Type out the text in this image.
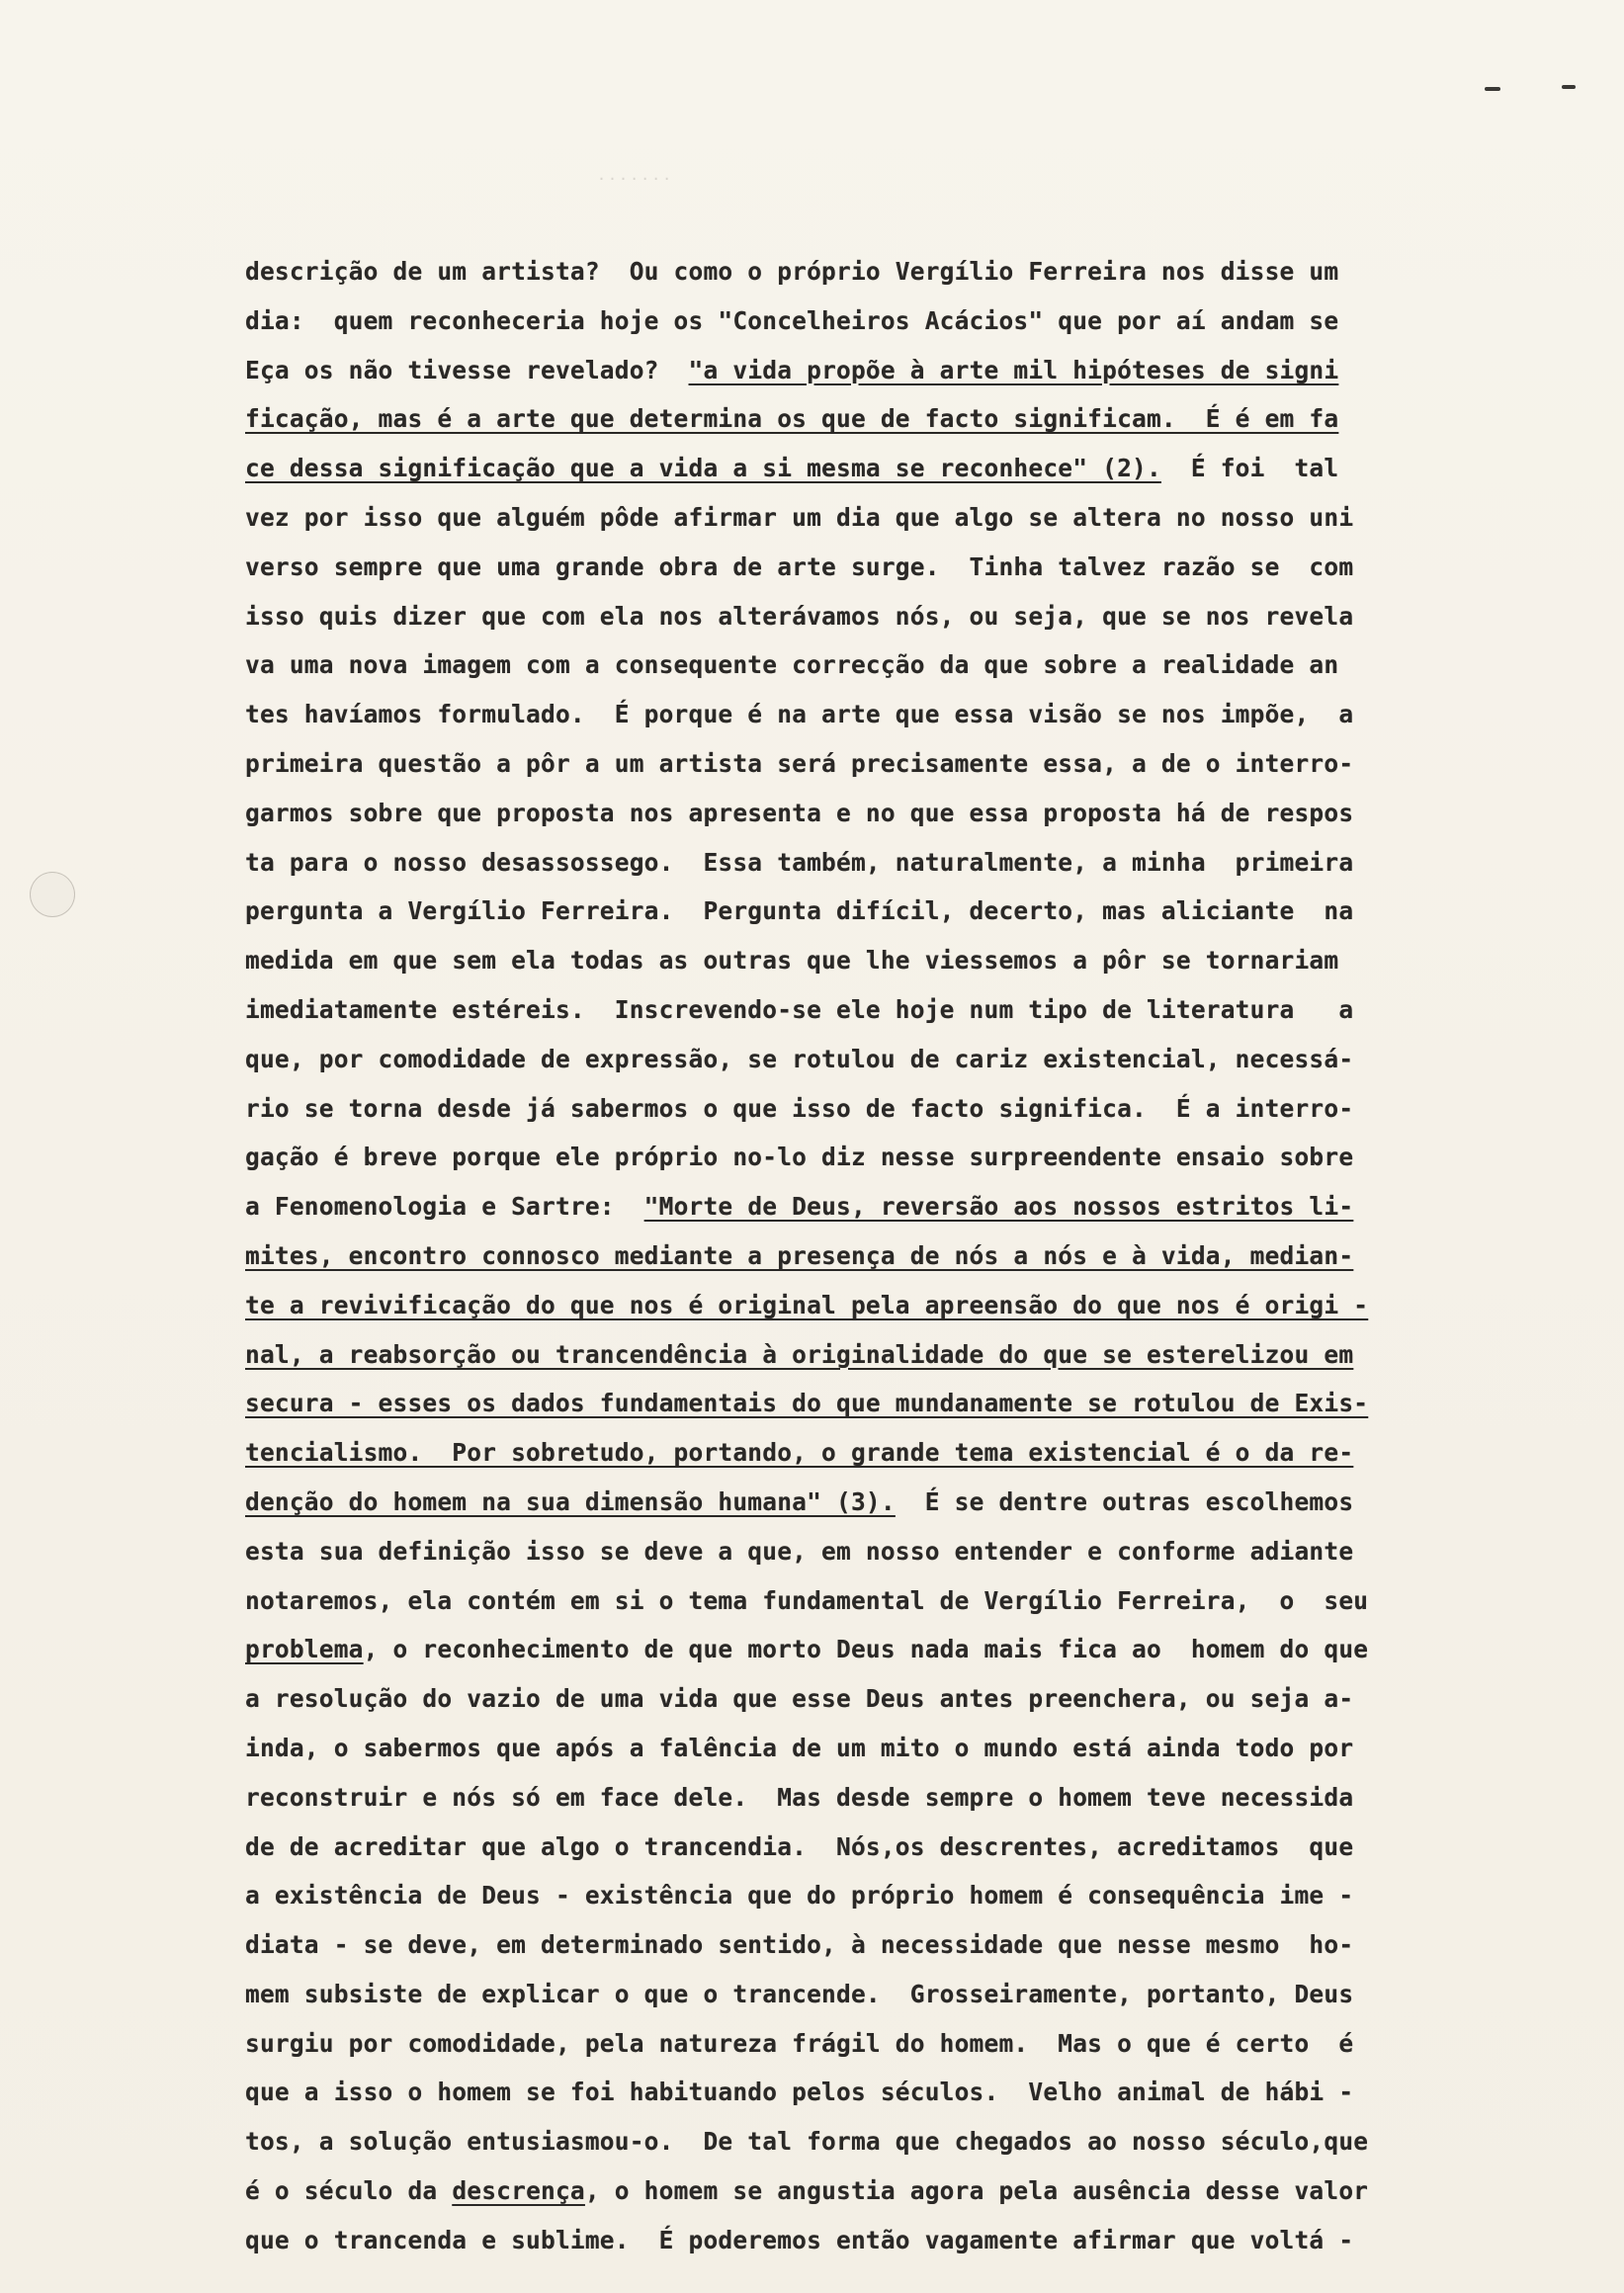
·······
descrição de um artista?  Ou como o próprio Vergílio Ferreira nos disse um
dia:  quem reconheceria hoje os "Concelheiros Acácios" que por aí andam se
Eça os não tivesse revelado?  "a vida propõe à arte mil hipóteses de signi
ficação, mas é a arte que determina os que de facto significam.  É é em fa
ce dessa significação que a vida a si mesma se reconhece" (2).  É foi  tal
vez por isso que alguém pôde afirmar um dia que algo se altera no nosso uni
verso sempre que uma grande obra de arte surge.  Tinha talvez razão se  com
isso quis dizer que com ela nos alterávamos nós, ou seja, que se nos revela
va uma nova imagem com a consequente correcção da que sobre a realidade an
tes havíamos formulado.  É porque é na arte que essa visão se nos impõe,  a
primeira questão a pôr a um artista será precisamente essa, a de o interro-
garmos sobre que proposta nos apresenta e no que essa proposta há de respos
ta para o nosso desassossego.  Essa também, naturalmente, a minha  primeira
pergunta a Vergílio Ferreira.  Pergunta difícil, decerto, mas aliciante  na
medida em que sem ela todas as outras que lhe viessemos a pôr se tornariam
imediatamente estéreis.  Inscrevendo-se ele hoje num tipo de literatura   a
que, por comodidade de expressão, se rotulou de cariz existencial, necessá-
rio se torna desde já sabermos o que isso de facto significa.  É a interro-
gação é breve porque ele próprio no-lo diz nesse surpreendente ensaio sobre
a Fenomenologia e Sartre:  "Morte de Deus, reversão aos nossos estritos li-
mites, encontro connosco mediante a presença de nós a nós e à vida, median-
te a revivificação do que nos é original pela apreensão do que nos é origi -
nal, a reabsorção ou trancendência à originalidade do que se esterelizou em
secura - esses os dados fundamentais do que mundanamente se rotulou de Exis-
tencialismo.  Por sobretudo, portando, o grande tema existencial é o da re-
denção do homem na sua dimensão humana" (3).  É se dentre outras escolhemos
esta sua definição isso se deve a que, em nosso entender e conforme adiante
notaremos, ela contém em si o tema fundamental de Vergílio Ferreira,  o  seu
problema, o reconhecimento de que morto Deus nada mais fica ao  homem do que
a resolução do vazio de uma vida que esse Deus antes preenchera, ou seja a-
inda, o sabermos que após a falência de um mito o mundo está ainda todo por
reconstruir e nós só em face dele.  Mas desde sempre o homem teve necessida
de de acreditar que algo o trancendia.  Nós,os descrentes, acreditamos  que
a existência de Deus - existência que do próprio homem é consequência ime -
diata - se deve, em determinado sentido, à necessidade que nesse mesmo  ho-
mem subsiste de explicar o que o trancende.  Grosseiramente, portanto, Deus
surgiu por comodidade, pela natureza frágil do homem.  Mas o que é certo  é
que a isso o homem se foi habituando pelos séculos.  Velho animal de hábi -
tos, a solução entusiasmou-o.  De tal forma que chegados ao nosso século,que
é o século da descrença, o homem se angustia agora pela ausência desse valor
que o trancenda e sublime.  É poderemos então vagamente afirmar que voltá -
